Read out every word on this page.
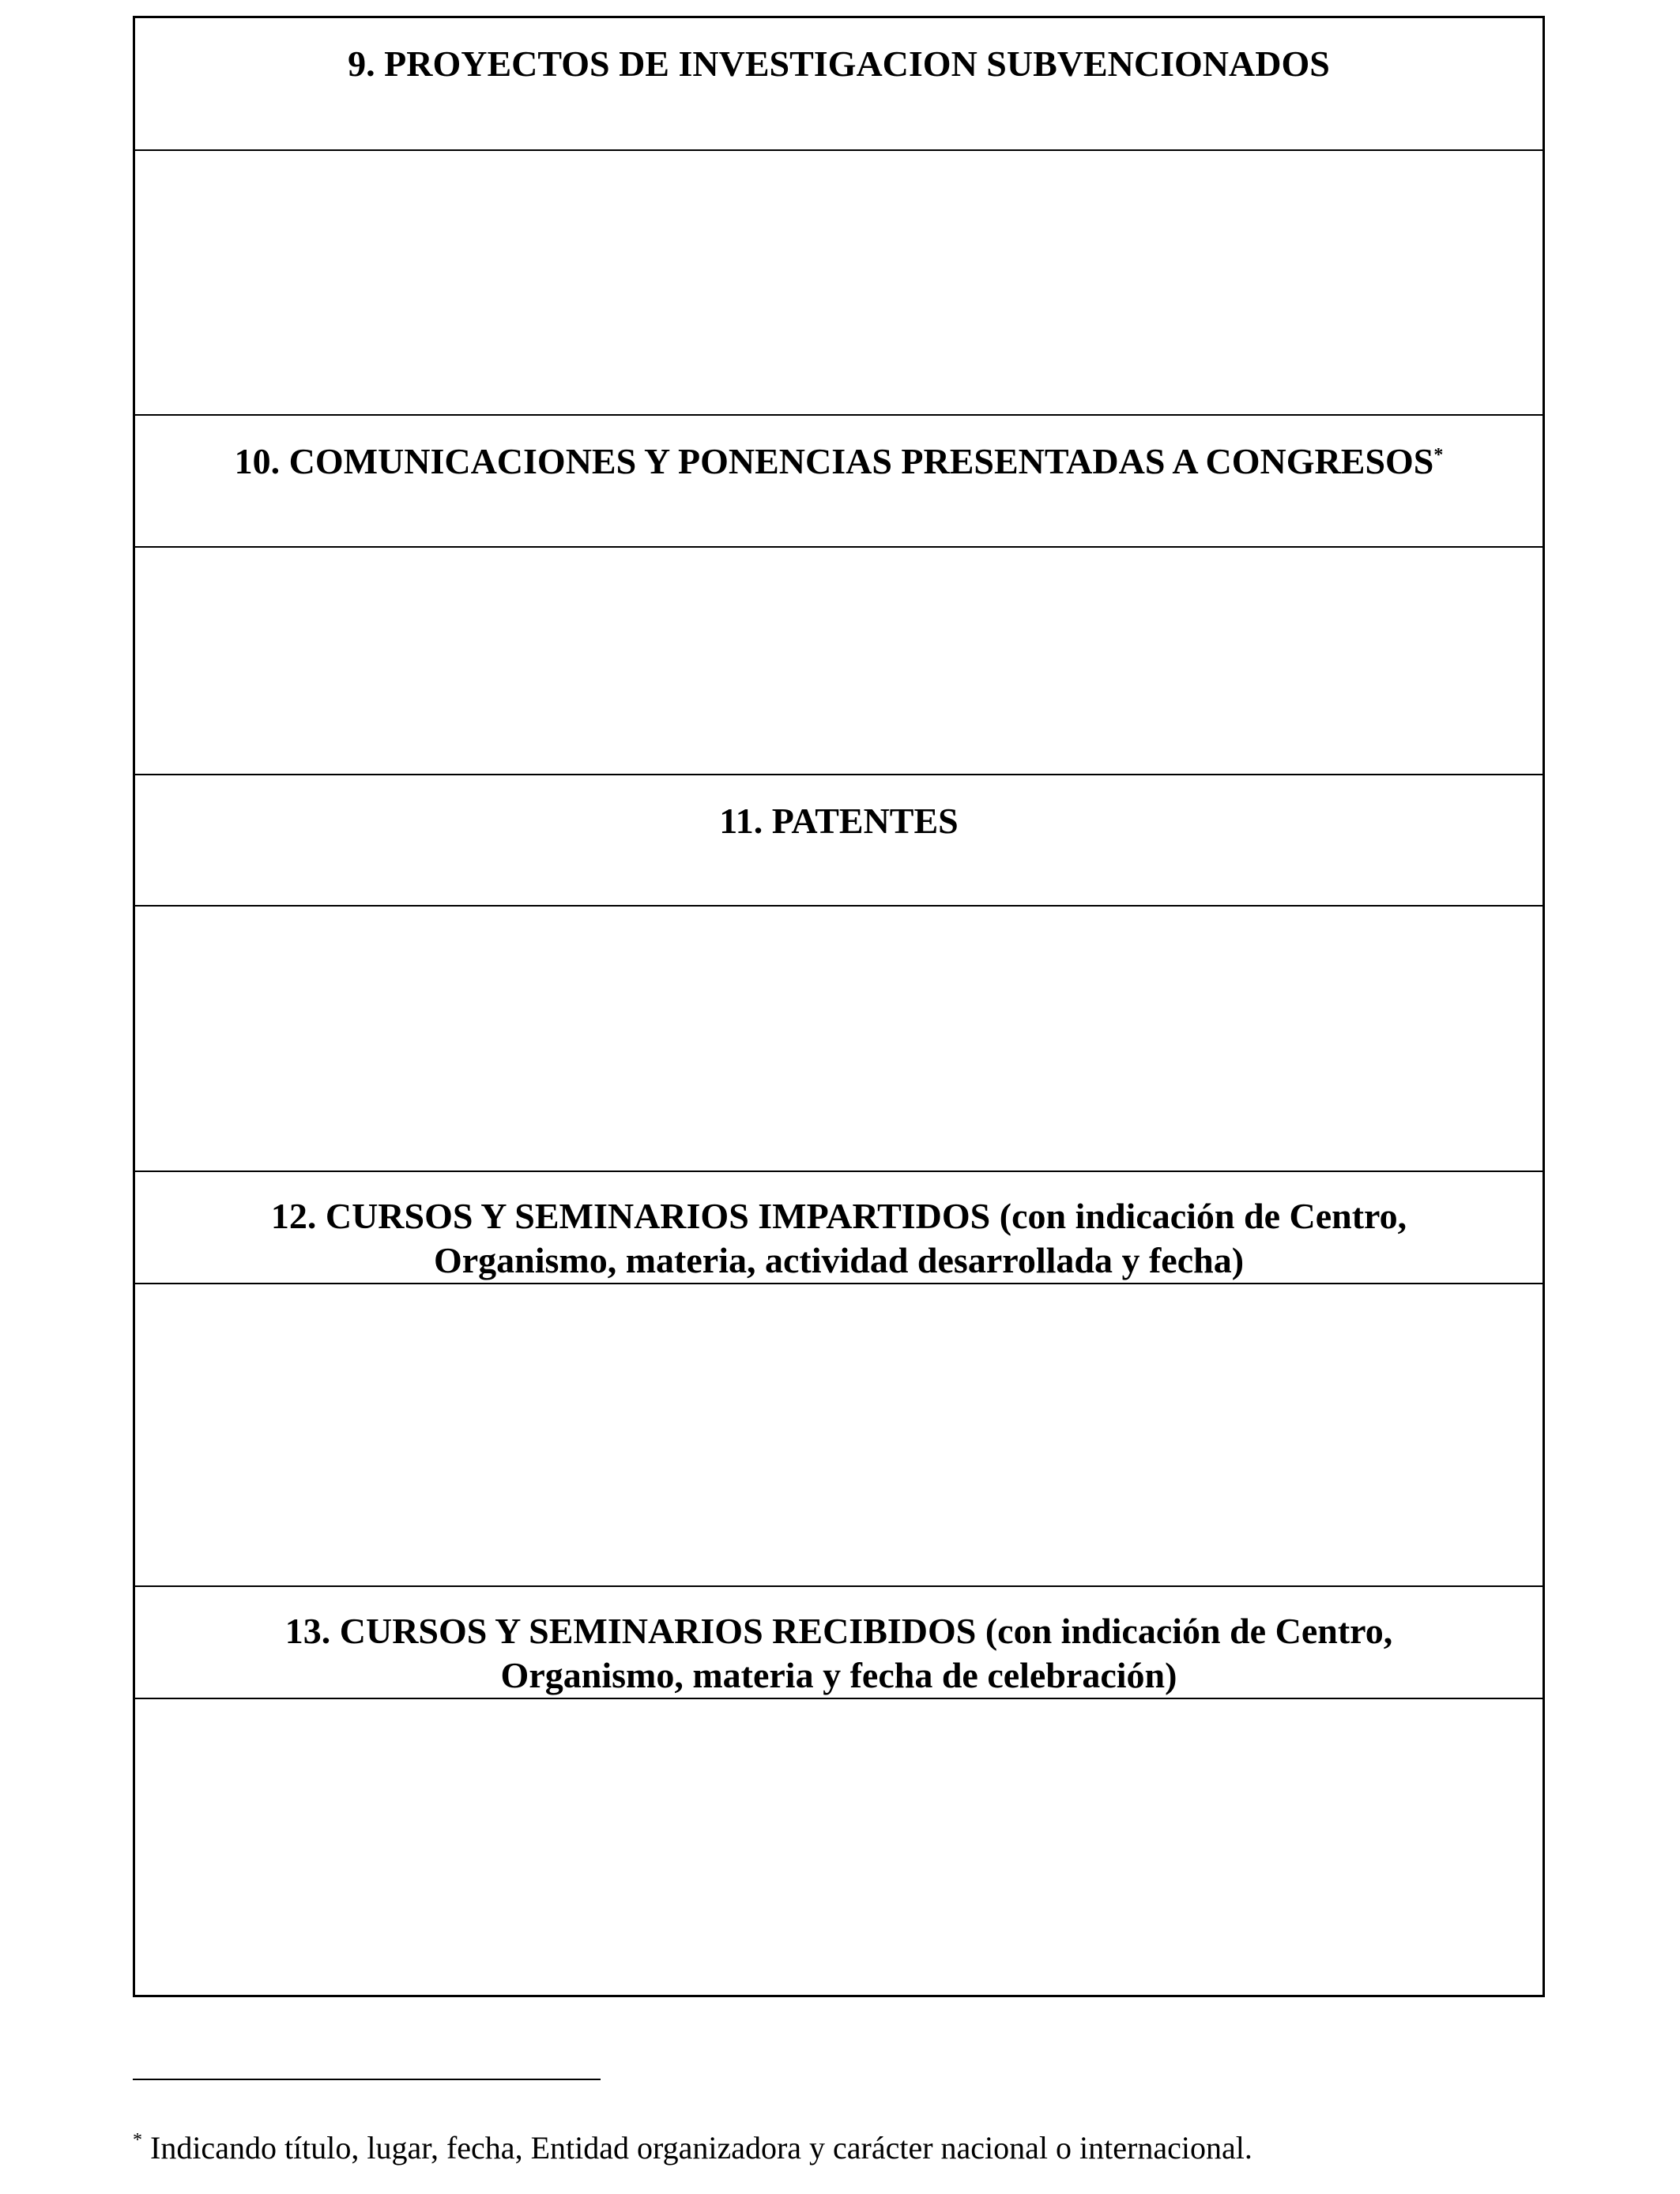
9. PROYECTOS DE INVESTIGACION SUBVENCIONADOS
10. COMUNICACIONES Y PONENCIAS PRESENTADAS A CONGRESOS*
11. PATENTES
12. CURSOS Y SEMINARIOS IMPARTIDOS (con indicación de Centro,
Organismo, materia, actividad desarrollada y fecha)
13. CURSOS Y SEMINARIOS RECIBIDOS (con indicación de Centro,
Organismo, materia y fecha de celebración)
* Indicando título, lugar, fecha, Entidad organizadora y carácter nacional o internacional.
